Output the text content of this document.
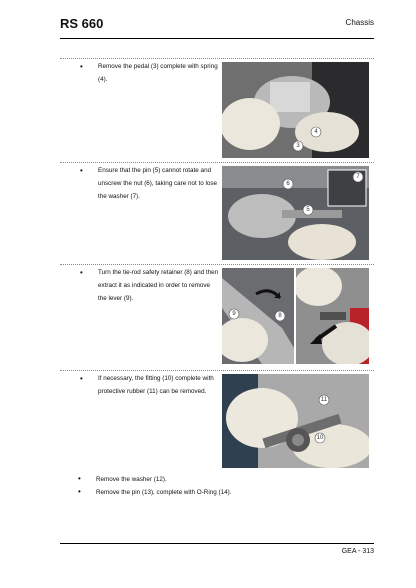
RS 660	Chassis
• Remove the pedal (3) complete with spring (4).
4
3
• Ensure that the pin (5) cannot rotate and unscrew the nut (6), taking care not to lose the washer (7).
7
6
5
• Turn the tie-rod safety retainer (8) and then extract it as indicated in order to remove the lever (9).
9	8
• If necessary, the fitting (10) complete with protective rubber (11) can be removed.
11
10
• Remove the washer (12).
• Remove the pin (13), complete with O-Ring (14).
GEA - 313
